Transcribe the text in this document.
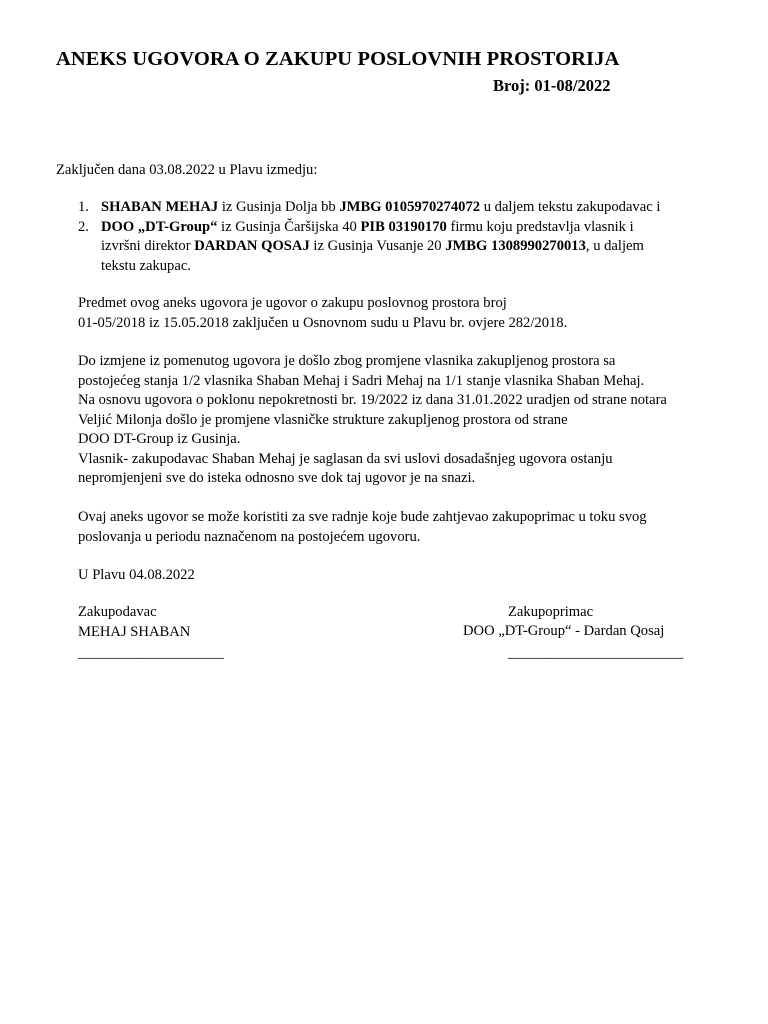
ANEKS UGOVORA O ZAKUPU POSLOVNIH PROSTORIJA
Broj: 01-08/2022
Zaključen dana 03.08.2022 u Plavu izmedju:
1. SHABAN MEHAJ iz Gusinja Dolja bb JMBG 0105970274072 u daljem tekstu zakupodavac i
2. DOO „DT-Group“ iz Gusinja Čaršijska 40 PIB 03190170 firmu koju predstavlja vlasnik i
izvršni direktor DARDAN QOSAJ iz Gusinja Vusanje 20 JMBG 1308990270013, u daljem
tekstu zakupac.
Predmet ovog aneks ugovora je ugovor o zakupu poslovnog prostora broj
01-05/2018 iz 15.05.2018 zaključen u Osnovnom sudu u Plavu br. ovjere 282/2018.
Do izmjene iz pomenutog ugovora je došlo zbog promjene vlasnika zakupljenog prostora sa
postojećeg stanja 1/2 vlasnika Shaban Mehaj i Sadri Mehaj na 1/1 stanje vlasnika Shaban Mehaj.
Na osnovu ugovora o poklonu nepokretnosti br. 19/2022 iz dana 31.01.2022 uradjen od strane notara
Veljić Milonja došlo je promjene vlasničke strukture zakupljenog prostora od strane
DOO DT-Group iz Gusinja.
Vlasnik- zakupodavac Shaban Mehaj je saglasan da svi uslovi dosadašnjeg ugovora ostanju
nepromjenjeni sve do isteka odnosno sve dok taj ugovor je na snazi.
Ovaj aneks ugovor se može koristiti za sve radnje koje bude zahtjevao zakupoprimac u toku svog
poslovanja u periodu naznačenom na postojećem ugovoru.
U Plavu 04.08.2022
Zakupodavac
MEHAJ SHABAN
Zakupoprimac
DOO „DT-Group“ - Dardan Qosaj
____________________	________________________
